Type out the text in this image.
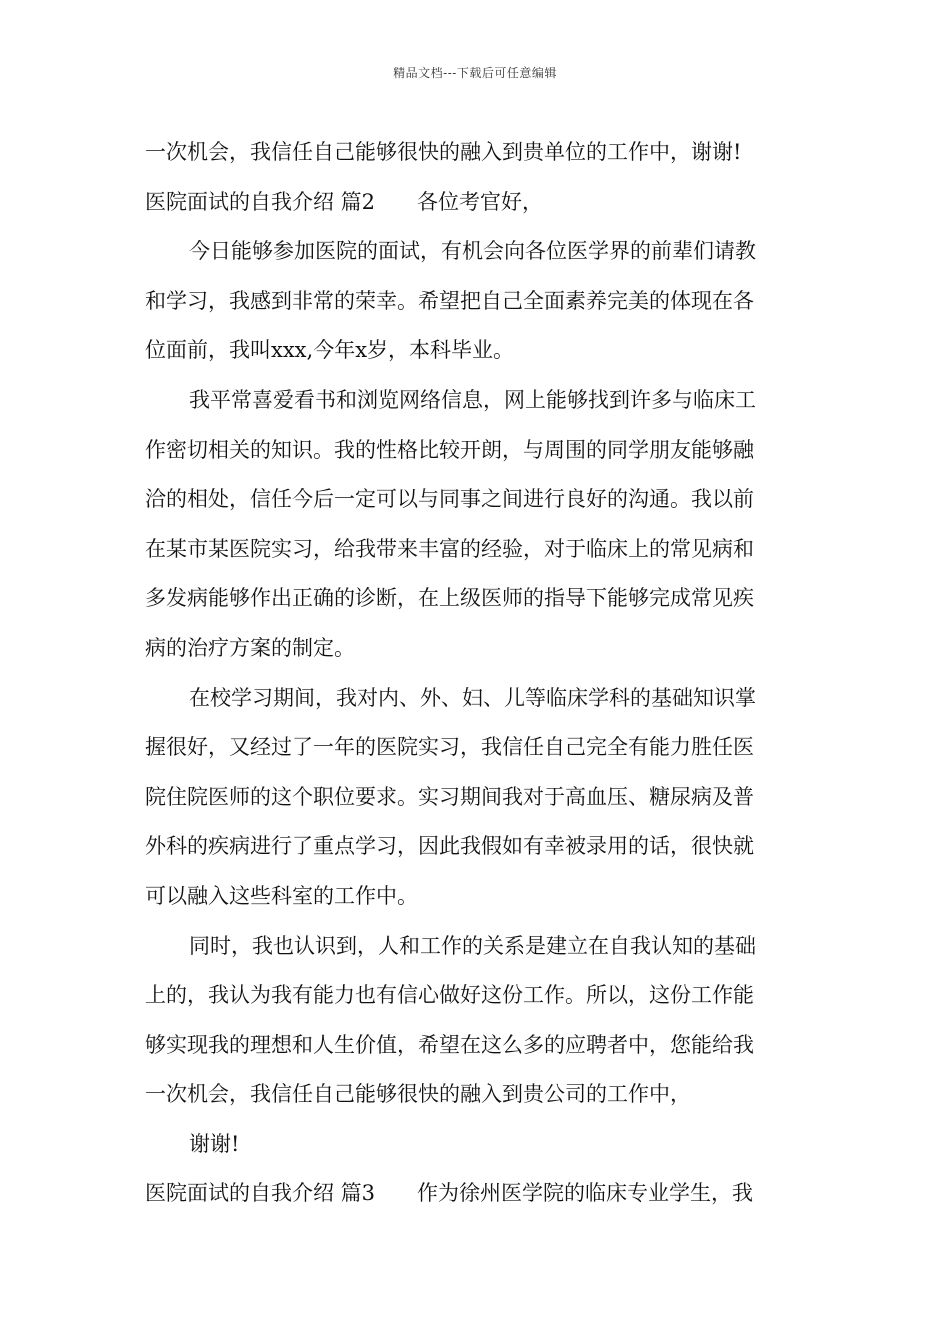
精品文档---下载后可任意编辑
一次机会，我信任自己能够很快的融入到贵单位的工作中，谢谢!
医院面试的自我介绍 篇2 各位考官好，
今日能够参加医院的面试，有机会向各位医学界的前辈们请教
和学习，我感到非常的荣幸。希望把自己全面素养完美的体现在各
位面前，我叫xxx,今年x岁，本科毕业。
我平常喜爱看书和浏览网络信息，网上能够找到许多与临床工
作密切相关的知识。我的性格比较开朗，与周围的同学朋友能够融
洽的相处，信任今后一定可以与同事之间进行良好的沟通。我以前
在某市某医院实习，给我带来丰富的经验，对于临床上的常见病和
多发病能够作出正确的诊断，在上级医师的指导下能够完成常见疾
病的治疗方案的制定。
在校学习期间，我对内、外、妇、儿等临床学科的基础知识掌
握很好，又经过了一年的医院实习，我信任自己完全有能力胜任医
院住院医师的这个职位要求。实习期间我对于高血压、糖尿病及普
外科的疾病进行了重点学习，因此我假如有幸被录用的话，很快就
可以融入这些科室的工作中。
同时，我也认识到，人和工作的关系是建立在自我认知的基础
上的，我认为我有能力也有信心做好这份工作。所以，这份工作能
够实现我的理想和人生价值，希望在这么多的应聘者中，您能给我
一次机会，我信任自己能够很快的融入到贵公司的工作中，
谢谢!
医院面试的自我介绍 篇3 作为徐州医学院的临床专业学生，我
